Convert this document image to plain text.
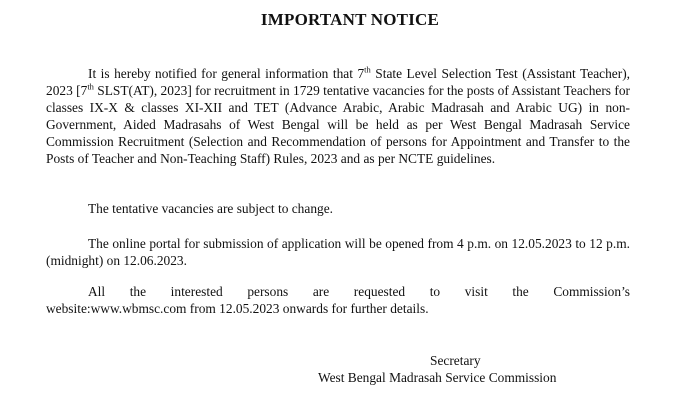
IMPORTANT NOTICE

It is hereby notified for general information that 7th State Level Selection Test (Assistant Teacher), 2023 [7th SLST(AT), 2023] for recruitment in 1729 tentative vacancies for the posts of Assistant Teachers for classes IX-X & classes XI-XII and TET (Advance Arabic, Arabic Madrasah and Arabic UG) in non-Government, Aided Madrasahs of West Bengal will be held as per West Bengal Madrasah Service Commission Recruitment (Selection and Recommendation of persons for Appointment and Transfer to the Posts of Teacher and Non-Teaching Staff) Rules, 2023 and as per NCTE guidelines.

The tentative vacancies are subject to change.

The online portal for submission of application will be opened from 4 p.m. on 12.05.2023 to 12 p.m. (midnight) on 12.06.2023.

All the interested persons are requested to visit the Commission’s
website:www.wbmsc.com from 12.05.2023 onwards for further details.

Secretary
West Bengal Madrasah Service Commission
